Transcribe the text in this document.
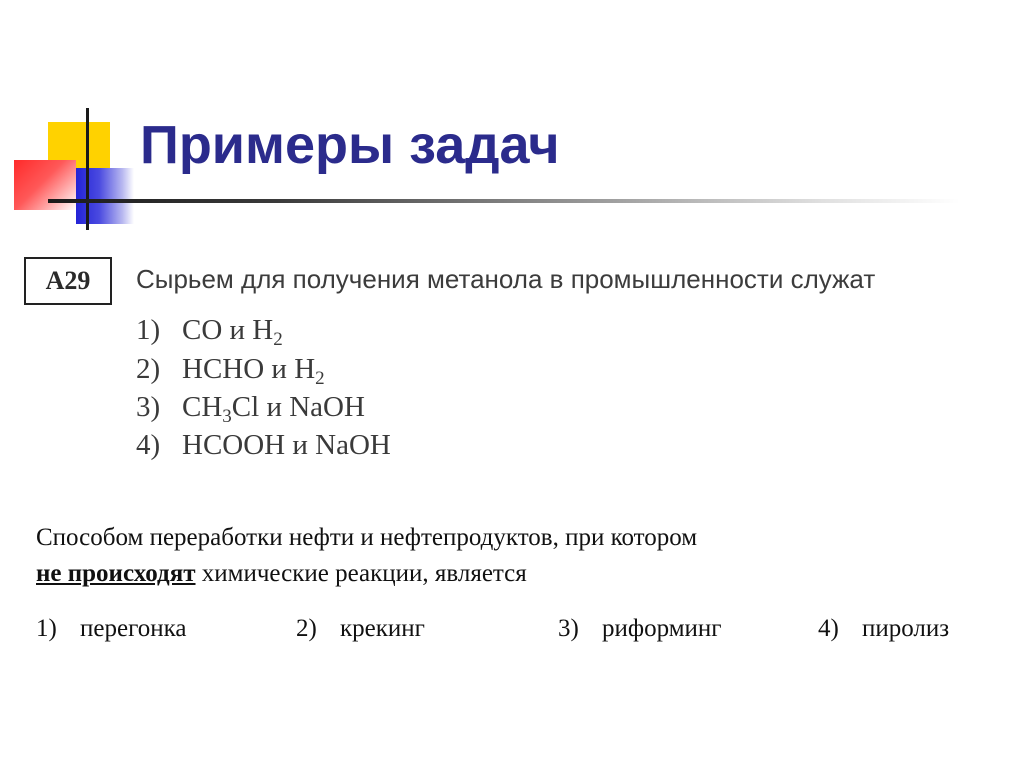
Примеры задач
А29	Сырьем для получения метанола в промышленности служат
1) CO и $H_2$
2) HCHO и $H_2$
3) $CH_3Cl$ и NaOH
4) HCOOH и NaOH
Способом переработки нефти и нефтепродуктов, при котором
не происходят химические реакции, является
1) перегонка	2) крекинг	3) риформинг	4) пиролиз
